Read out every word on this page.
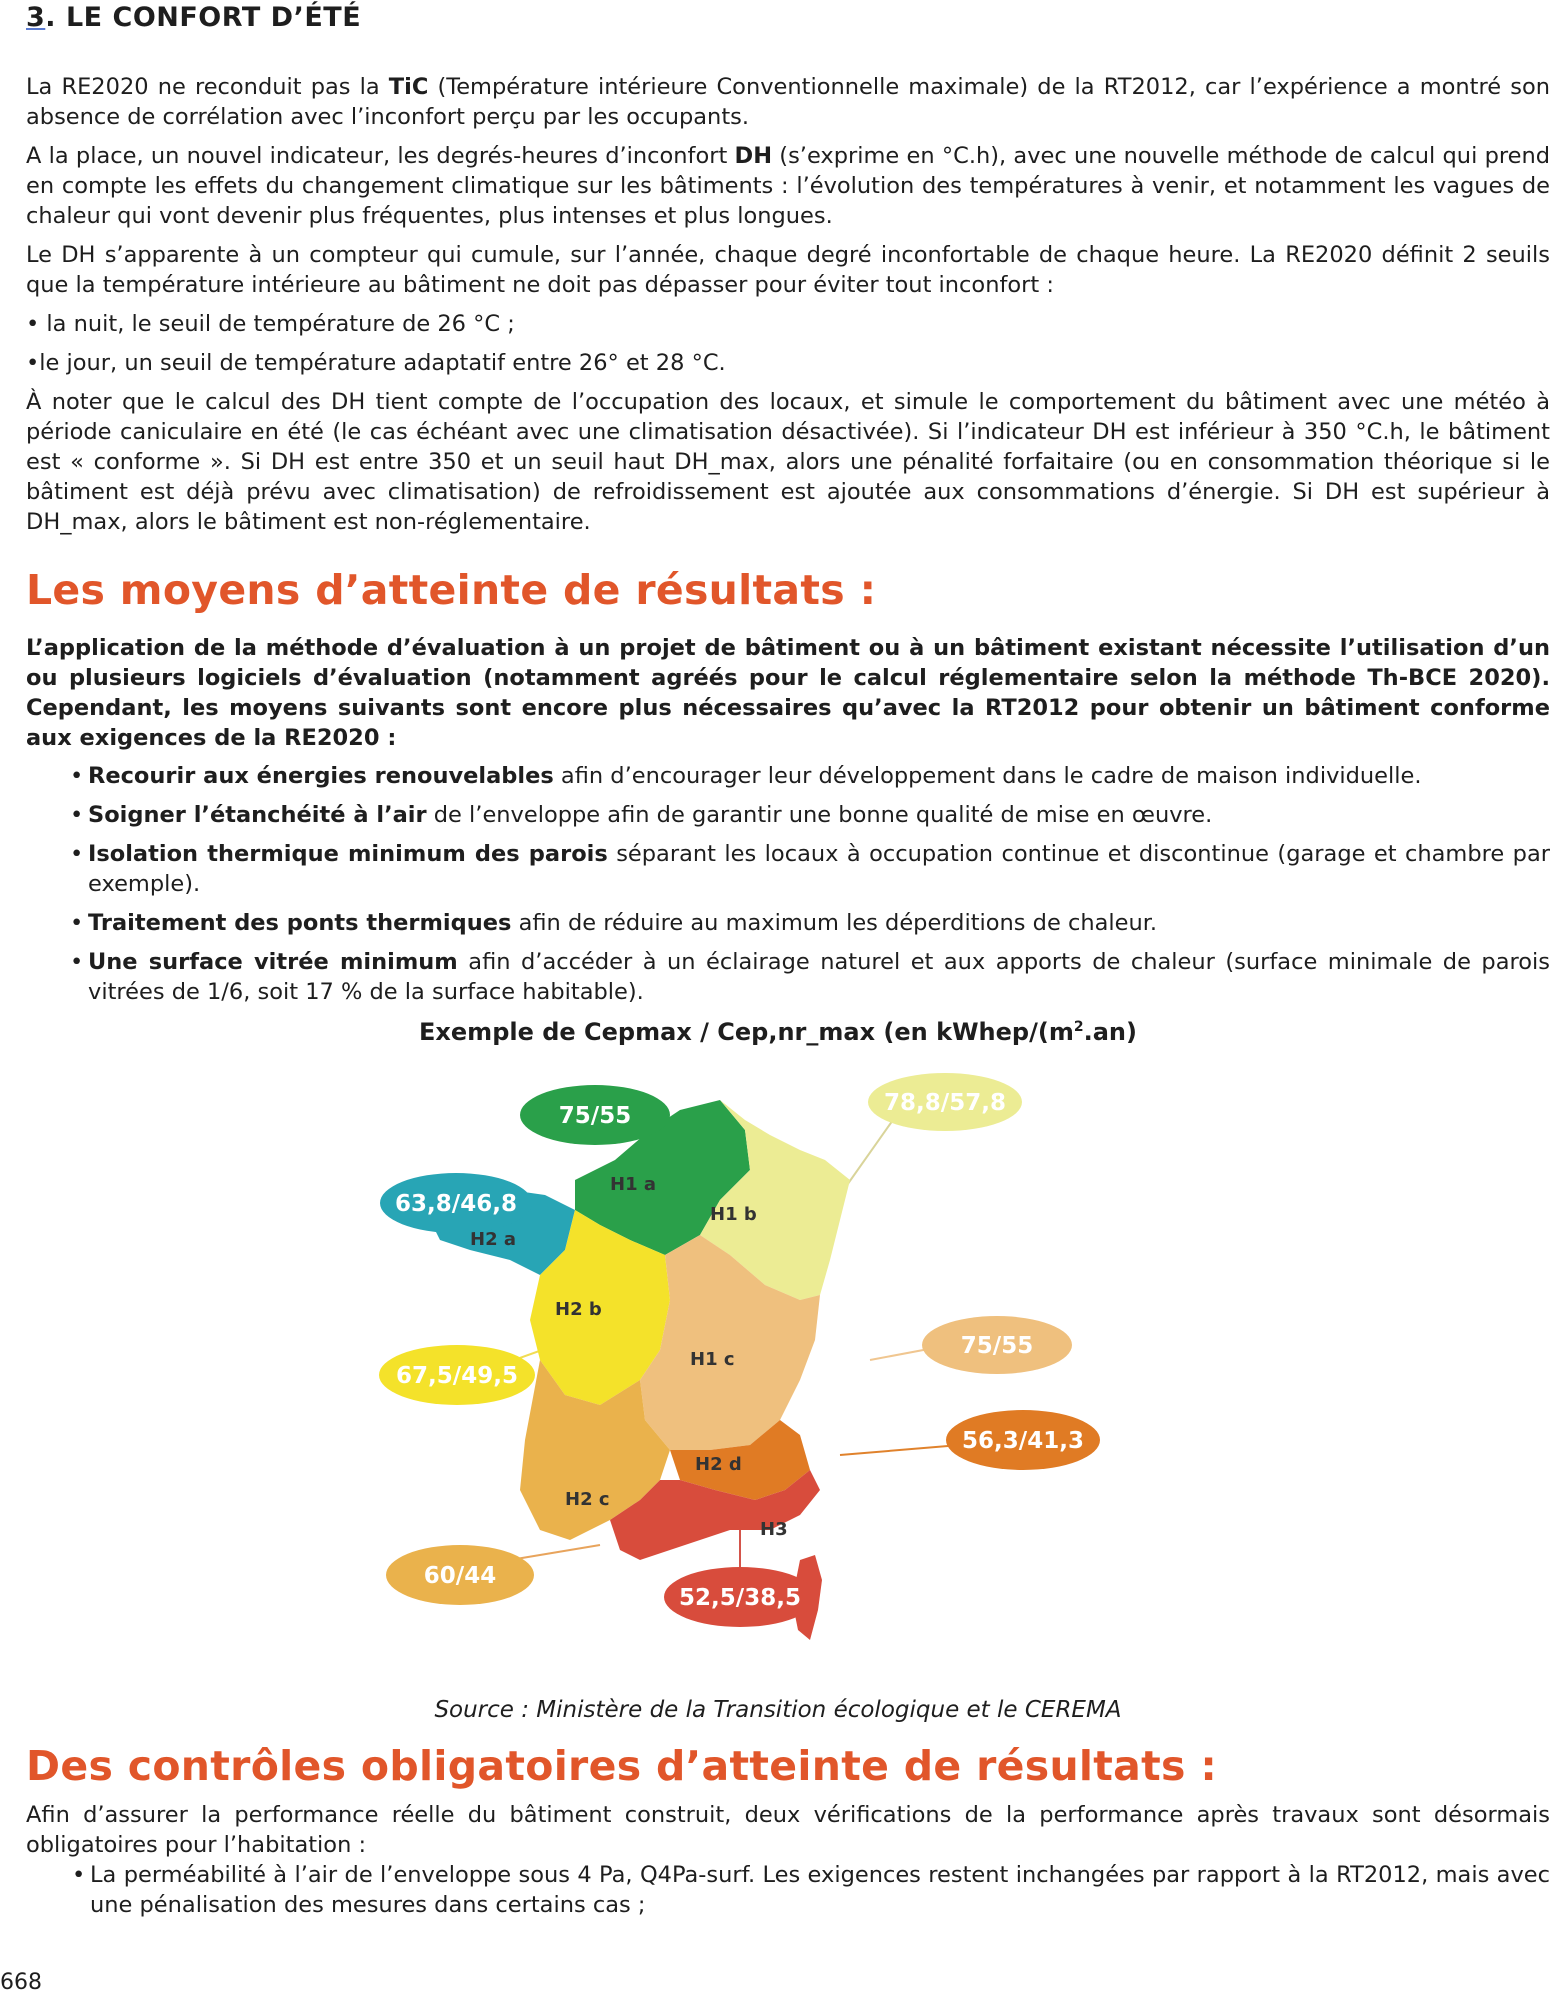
3. LE CONFORT D’ÉTÉ

La RE2020 ne reconduit pas la TiC (Température intérieure Conventionnelle maximale) de la RT2012, car l’expérience a montré son absence de corrélation avec l’inconfort perçu par les occupants.

A la place, un nouvel indicateur, les degrés-heures d’inconfort DH (s’exprime en °C.h), avec une nouvelle méthode de calcul qui prend en compte les effets du changement climatique sur les bâtiments : l’évolution des températures à venir, et notamment les vagues de chaleur qui vont devenir plus fréquentes, plus intenses et plus longues.

Le DH s’apparente à un compteur qui cumule, sur l’année, chaque degré inconfortable de chaque heure. La RE2020 définit 2 seuils que la température intérieure au bâtiment ne doit pas dépasser pour éviter tout inconfort :

• la nuit, le seuil de température de 26 °C ;

•le jour, un seuil de température adaptatif entre 26° et 28 °C.

À noter que le calcul des DH tient compte de l’occupation des locaux, et simule le comportement du bâtiment avec une météo à période caniculaire en été (le cas échéant avec une climatisation désactivée). Si l’indicateur DH est inférieur à 350 °C.h, le bâtiment est « conforme ». Si DH est entre 350 et un seuil haut DH_max, alors une pénalité forfaitaire (ou en consommation théorique si le bâtiment est déjà prévu avec climatisation) de refroidissement est ajoutée aux consommations d’énergie. Si DH est supérieur à DH_max, alors le bâtiment est non-réglementaire.

Les moyens d’atteinte de résultats :
L’application de la méthode d’évaluation à un projet de bâtiment ou à un bâtiment existant nécessite l’utilisation d’un ou plusieurs logiciels d’évaluation (notamment agréés pour le calcul réglementaire selon la méthode Th-BCE 2020). Cependant, les moyens suivants sont encore plus nécessaires qu’avec la RT2012 pour obtenir un bâtiment conforme aux exigences de la RE2020 :
• Recourir aux énergies renouvelables afin d’encourager leur développement dans le cadre de maison individuelle.
• Soigner l’étanchéité à l’air de l’enveloppe afin de garantir une bonne qualité de mise en œuvre.
• Isolation thermique minimum des parois séparant les locaux à occupation continue et discontinue (garage et chambre par exemple).
• Traitement des ponts thermiques afin de réduire au maximum les déperditions de chaleur.
• Une surface vitrée minimum afin d’accéder à un éclairage naturel et aux apports de chaleur (surface minimale de parois vitrées de 1/6, soit 17 % de la surface habitable).
Exemple de Cepmax / Cep,nr_max (en kWhep/$(m^2.an)$
H1 a
H1 b
H2 a
H2 b
H1 c
H2 d
H2 c
H3
75/55	78,8/57,8
63,8/46,8
67,5/49,5
75/55
56,3/41,3
60/44
52,5/38,5
Source : Ministère de la Transition écologique et le CEREMA
Des contrôles obligatoires d’atteinte de résultats :
Afin d’assurer la performance réelle du bâtiment construit, deux vérifications de la performance après travaux sont désormais obligatoires pour l’habitation :
• La perméabilité à l’air de l’enveloppe sous 4 Pa, Q4Pa-surf. Les exigences restent inchangées par rapport à la RT2012, mais avec une pénalisation des mesures dans certains cas ;
668
